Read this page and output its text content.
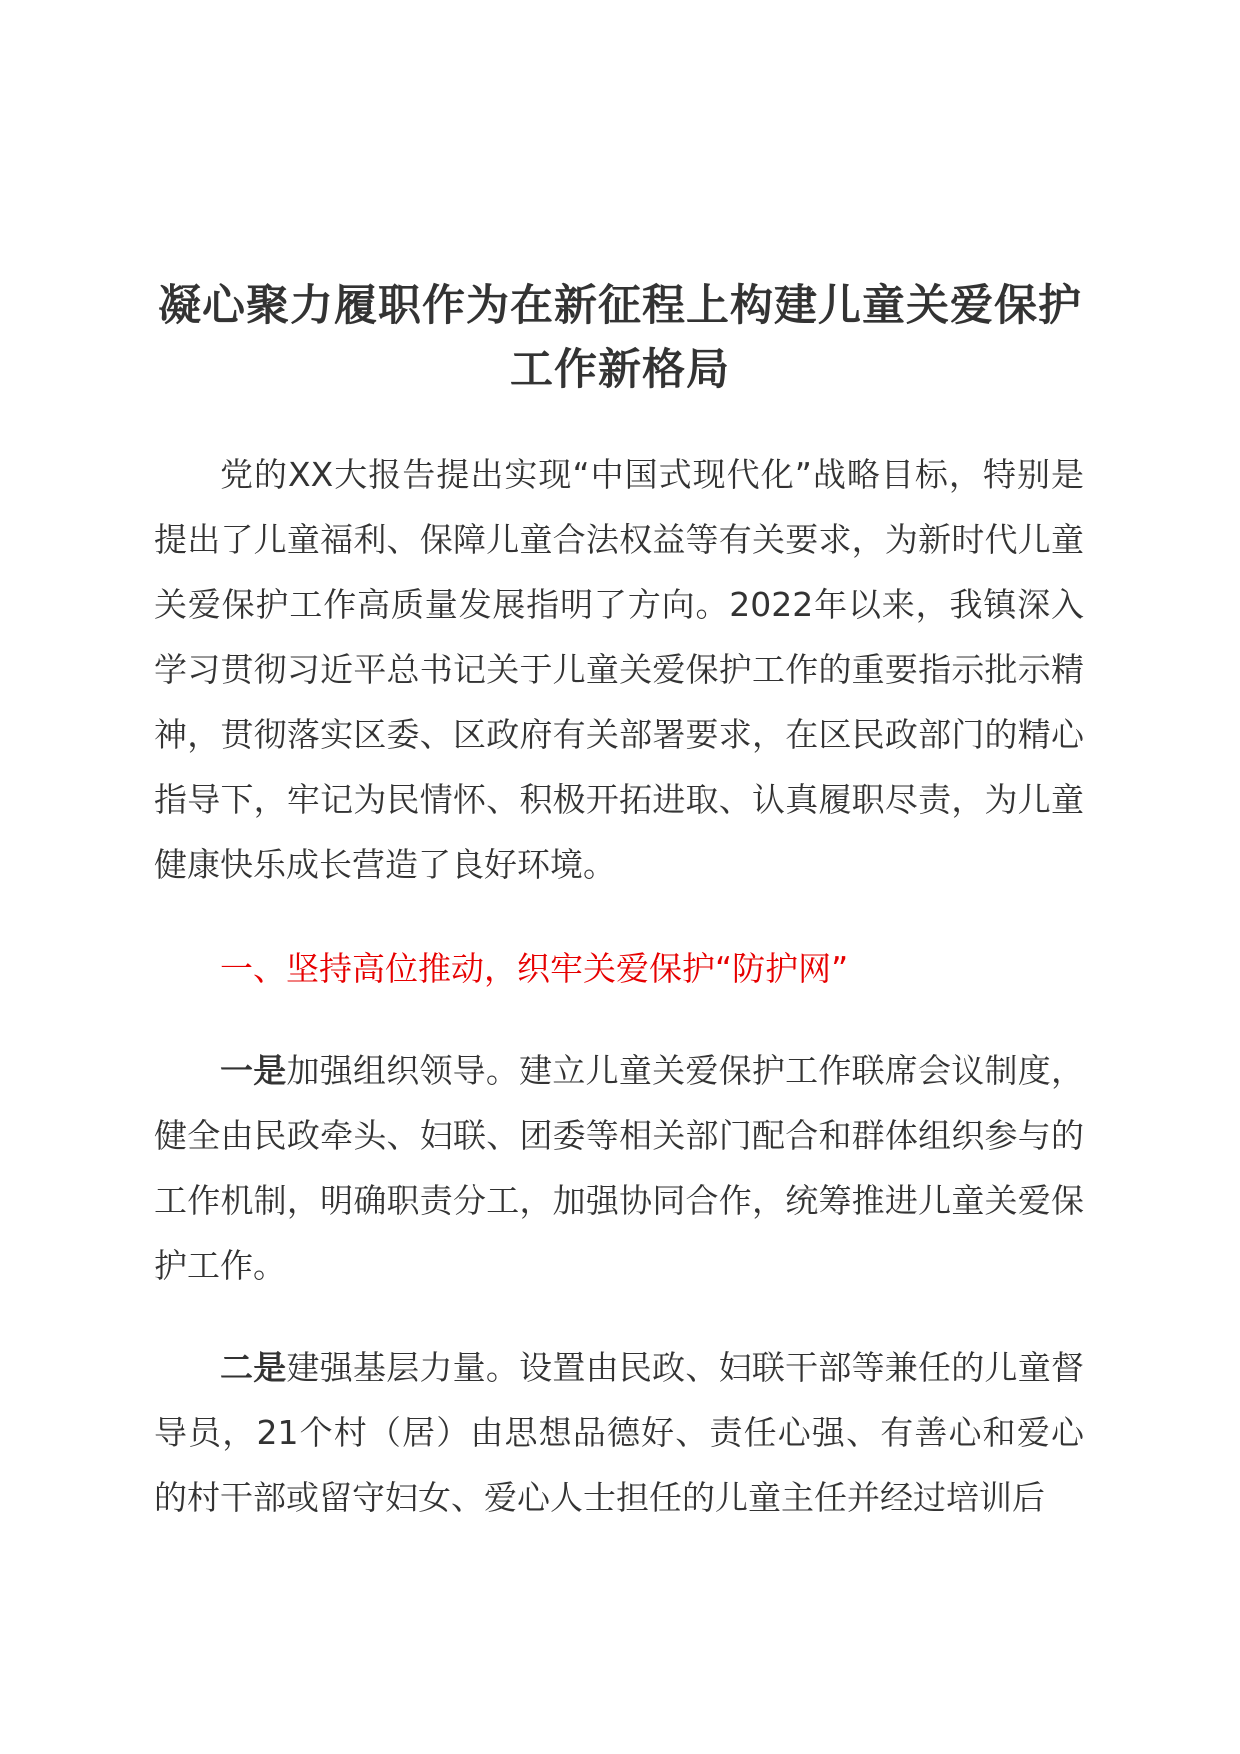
凝心聚力履职作为在新征程上构建儿童关爱保护工作新格局

党的XX大报告提出实现“中国式现代化”战略目标，特别是提出了儿童福利、保障儿童合法权益等有关要求，为新时代儿童关爱保护工作高质量发展指明了方向。2022年以来，我镇深入学习贯彻习近平总书记关于儿童关爱保护工作的重要指示批示精神，贯彻落实区委、区政府有关部署要求，在区民政部门的精心指导下，牢记为民情怀、积极开拓进取、认真履职尽责，为儿童健康快乐成长营造了良好环境。

一、坚持高位推动，织牢关爱保护“防护网”

一是加强组织领导。建立儿童关爱保护工作联席会议制度，健全由民政牵头、妇联、团委等相关部门配合和群体组织参与的工作机制，明确职责分工，加强协同合作，统筹推进儿童关爱保护工作。

二是建强基层力量。设置由民政、妇联干部等兼任的儿童督导员，21个村（居）由思想品德好、责任心强、有善心和爱心的村干部或留守妇女、爱心人士担任的儿童主任并经过培训后
